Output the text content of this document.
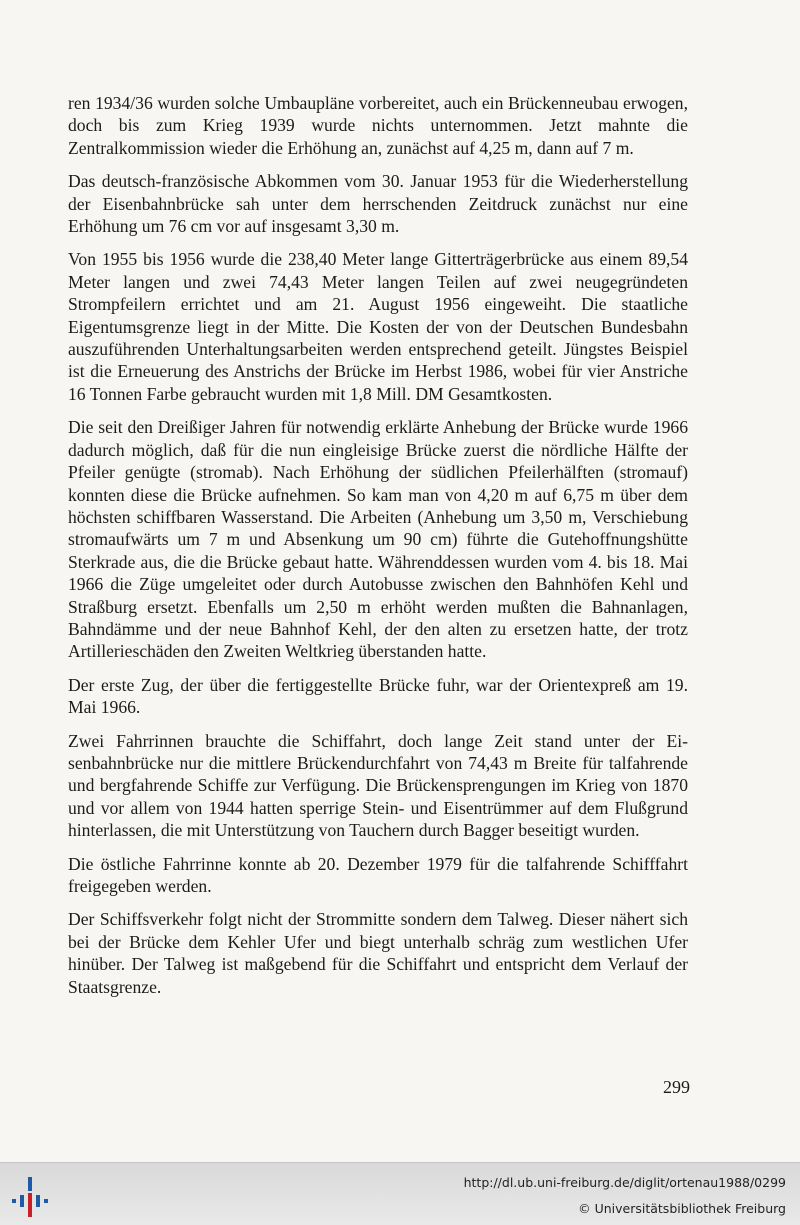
ren 1934/36 wurden solche Umbaupläne vorbereitet, auch ein Brückenneubau erwogen, doch bis zum Krieg 1939 wurde nichts unternommen. Jetzt mahnte die Zentralkommission wieder die Erhöhung an, zunächst auf 4,25 m, dann auf 7 m.

Das deutsch-französische Abkommen vom 30. Januar 1953 für die Wiederherstellung der Eisenbahnbrücke sah unter dem herrschenden Zeitdruck zunächst nur eine Erhöhung um 76 cm vor auf insgesamt 3,30 m.

Von 1955 bis 1956 wurde die 238,40 Meter lange Gitterträgerbrücke aus einem 89,54 Meter langen und zwei 74,43 Meter langen Teilen auf zwei neugegründeten Strompfeilern errichtet und am 21. August 1956 eingeweiht. Die staatliche Eigentumsgrenze liegt in der Mitte. Die Kosten der von der Deutschen Bundesbahn auszuführenden Unterhaltungsarbeiten werden entsprechend geteilt. Jüngstes Beispiel ist die Erneuerung des Anstrichs der Brücke im Herbst 1986, wobei für vier Anstriche 16 Tonnen Farbe gebraucht wurden mit 1,8 Mill. DM Gesamtkosten.

Die seit den Dreißiger Jahren für notwendig erklärte Anhebung der Brücke wurde 1966 dadurch möglich, daß für die nun eingleisige Brücke zuerst die nördliche Hälfte der Pfeiler genügte (stromab). Nach Erhöhung der südlichen Pfeilerhälften (stromauf) konnten diese die Brücke aufnehmen. So kam man von 4,20 m auf 6,75 m über dem höchsten schiffbaren Wasserstand. Die Arbeiten (Anhebung um 3,50 m, Verschiebung stromaufwärts um 7 m und Absenkung um 90 cm) führte die Gutehoffnungshütte Sterkrade aus, die die Brücke gebaut hatte. Währenddessen wurden vom 4. bis 18. Mai 1966 die Züge umgeleitet oder durch Autobusse zwischen den Bahnhöfen Kehl und Straßburg ersetzt. Ebenfalls um 2,50 m erhöht werden mußten die Bahnanlagen, Bahndämme und der neue Bahnhof Kehl, der den alten zu ersetzen hatte, der trotz Artillerieschäden den Zweiten Weltkrieg überstanden hatte.

Der erste Zug, der über die fertiggestellte Brücke fuhr, war der Orientexpreß am 19. Mai 1966.

Zwei Fahrrinnen brauchte die Schiffahrt, doch lange Zeit stand unter der Eisenbahnbrücke nur die mittlere Brückendurchfahrt von 74,43 m Breite für talfahrende und bergfahrende Schiffe zur Verfügung. Die Brückensprengungen im Krieg von 1870 und vor allem von 1944 hatten sperrige Stein- und Eisentrümmer auf dem Flußgrund hinterlassen, die mit Unterstützung von Tauchern durch Bagger beseitigt wurden.

Die östliche Fahrrinne konnte ab 20. Dezember 1979 für die talfahrende Schifffahrt freigegeben werden.

Der Schiffsverkehr folgt nicht der Strommitte sondern dem Talweg. Dieser nähert sich bei der Brücke dem Kehler Ufer und biegt unterhalb schräg zum westlichen Ufer hinüber. Der Talweg ist maßgebend für die Schiffahrt und entspricht dem Verlauf der Staatsgrenze.

299
http://dl.ub.uni-freiburg.de/diglit/ortenau1988/0299
© Universitätsbibliothek Freiburg
